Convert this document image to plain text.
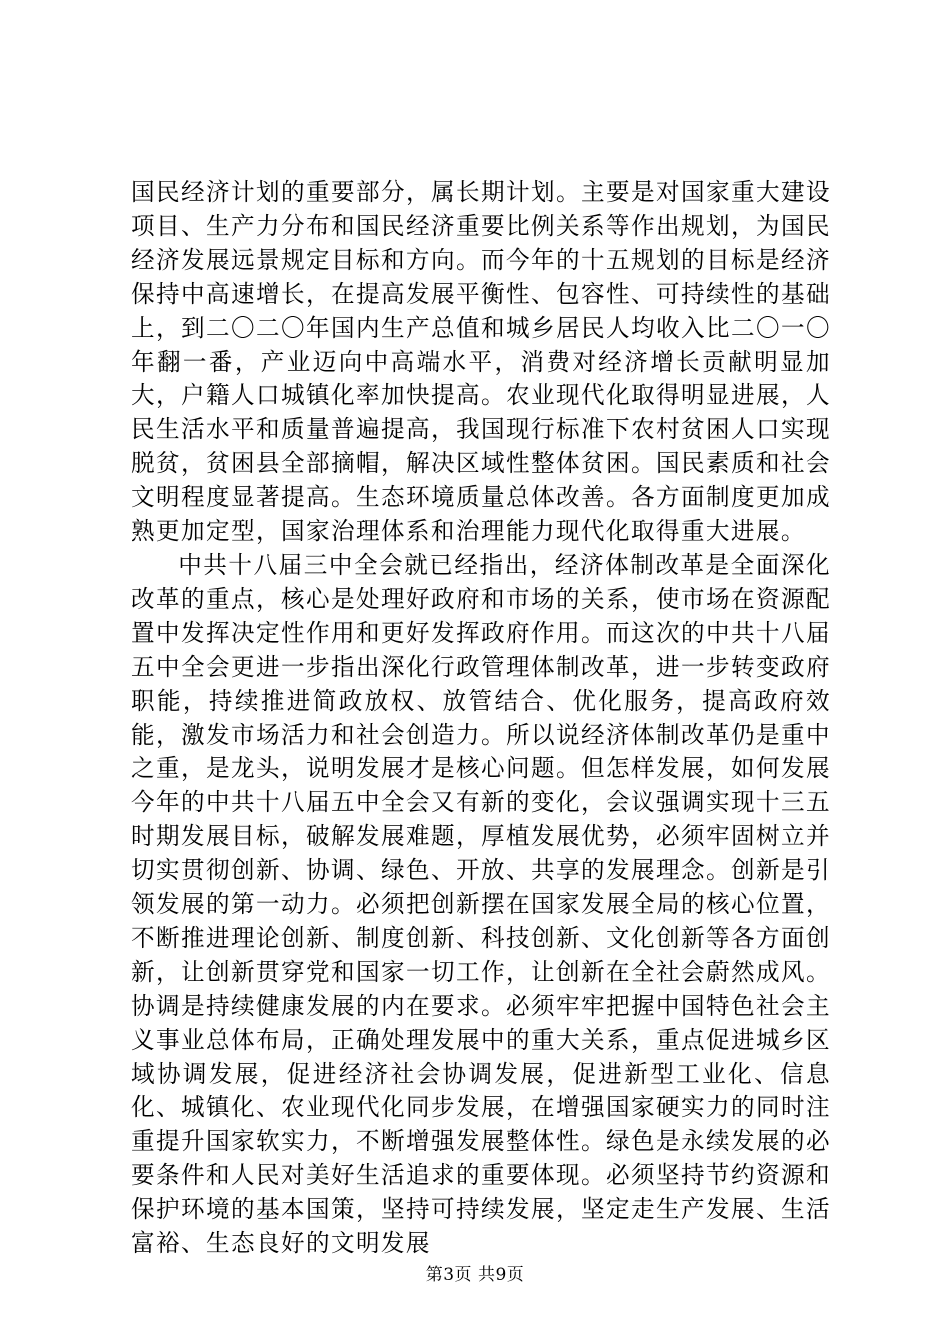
国民经济计划的重要部分，属长期计划。主要是对国家重大建设项目、生产力分布和国民经济重要比例关系等作出规划，为国民经济发展远景规定目标和方向。而今年的十五规划的目标是经济保持中高速增长，在提高发展平衡性、包容性、可持续性的基础上，到二〇二〇年国内生产总值和城乡居民人均收入比二〇一〇年翻一番，产业迈向中高端水平，消费对经济增长贡献明显加大，户籍人口城镇化率加快提高。农业现代化取得明显进展，人民生活水平和质量普遍提高，我国现行标准下农村贫困人口实现脱贫，贫困县全部摘帽，解决区域性整体贫困。国民素质和社会文明程度显著提高。生态环境质量总体改善。各方面制度更加成熟更加定型，国家治理体系和治理能力现代化取得重大进展。

中共十八届三中全会就已经指出，经济体制改革是全面深化改革的重点，核心是处理好政府和市场的关系，使市场在资源配置中发挥决定性作用和更好发挥政府作用。而这次的中共十八届五中全会更进一步指出深化行政管理体制改革，进一步转变政府职能，持续推进简政放权、放管结合、优化服务，提高政府效能，激发市场活力和社会创造力。所以说经济体制改革仍是重中之重，是龙头，说明发展才是核心问题。但怎样发展，如何发展今年的中共十八届五中全会又有新的变化，会议强调实现十三五时期发展目标，破解发展难题，厚植发展优势，必须牢固树立并切实贯彻创新、协调、绿色、开放、共享的发展理念。创新是引领发展的第一动力。必须把创新摆在国家发展全局的核心位置，不断推进理论创新、制度创新、科技创新、文化创新等各方面创新，让创新贯穿党和国家一切工作，让创新在全社会蔚然成风。协调是持续健康发展的内在要求。必须牢牢把握中国特色社会主义事业总体布局，正确处理发展中的重大关系，重点促进城乡区域协调发展，促进经济社会协调发展，促进新型工业化、信息化、城镇化、农业现代化同步发展，在增强国家硬实力的同时注重提升国家软实力，不断增强发展整体性。绿色是永续发展的必要条件和人民对美好生活追求的重要体现。必须坚持节约资源和保护环境的基本国策，坚持可持续发展，坚定走生产发展、生活富裕、生态良好的文明发展

第3页 共9页
